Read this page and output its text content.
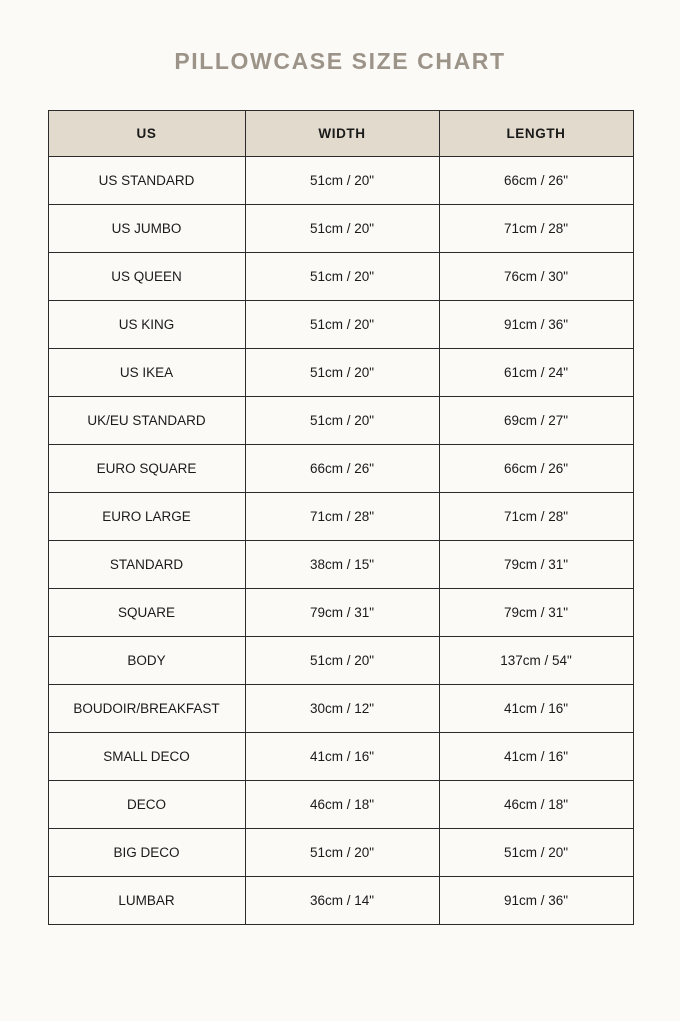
PILLOWCASE SIZE CHART
US	WIDTH	LENGTH
US STANDARD	51cm / 20"	66cm / 26"
US JUMBO	51cm / 20"	71cm / 28"
US QUEEN	51cm / 20"	76cm / 30"
US KING	51cm / 20"	91cm / 36"
US IKEA	51cm / 20"	61cm / 24"
UK/EU STANDARD	51cm / 20"	69cm / 27"
EURO SQUARE	66cm / 26"	66cm / 26"
EURO LARGE	71cm / 28"	71cm / 28"
STANDARD	38cm / 15"	79cm / 31"
SQUARE	79cm / 31"	79cm / 31"
BODY	51cm / 20"	137cm / 54"
BOUDOIR/BREAKFAST	30cm / 12"	41cm / 16"
SMALL DECO	41cm / 16"	41cm / 16"
DECO	46cm / 18"	46cm / 18"
BIG DECO	51cm / 20"	51cm / 20"
LUMBAR	36cm / 14"	91cm / 36"
